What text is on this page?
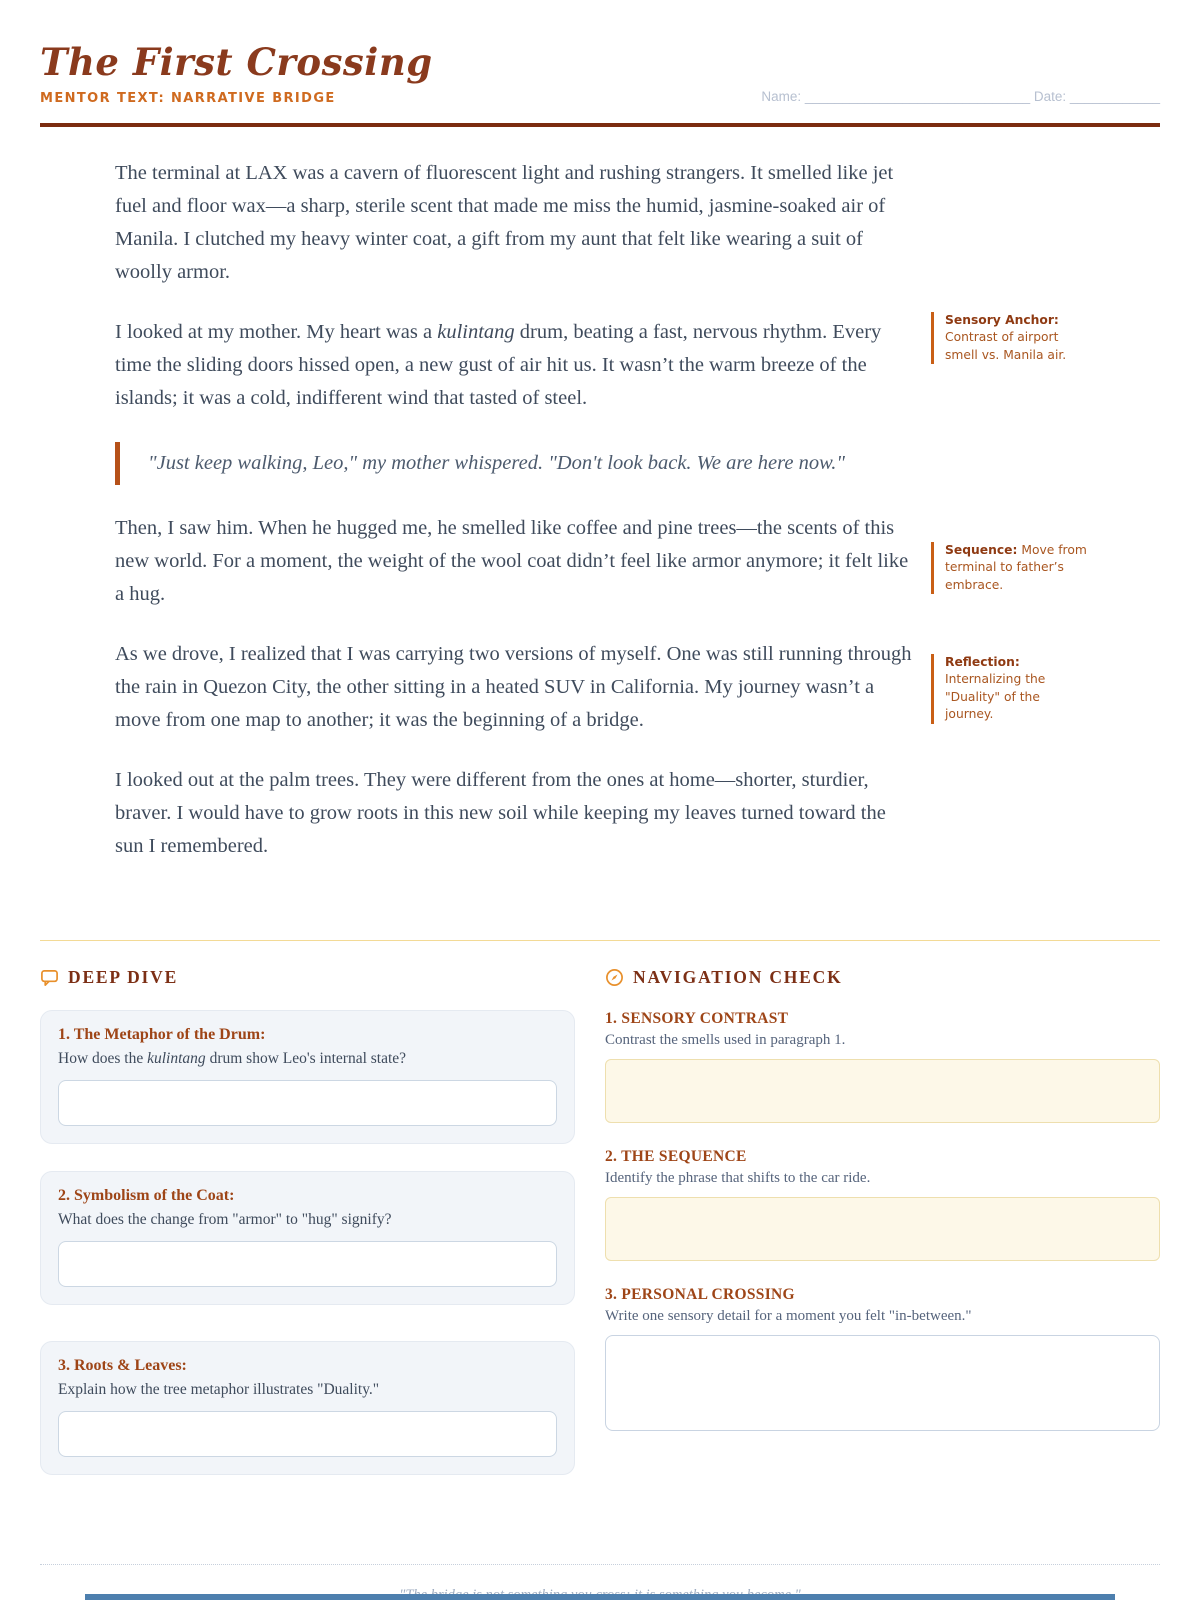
The First Crossing
MENTOR TEXT: NARRATIVE BRIDGE	Name: ______________________________ Date: ____________

The terminal at LAX was a cavern of fluorescent light and rushing strangers. It smelled like jet fuel and floor wax—a sharp, sterile scent that made me miss the humid, jasmine-soaked air of Manila. I clutched my heavy winter coat, a gift from my aunt that felt like wearing a suit of woolly armor.

I looked at my mother. My heart was a kulintang drum, beating a fast, nervous rhythm. Every time the sliding doors hissed open, a new gust of air hit us. It wasn’t the warm breeze of the islands; it was a cold, indifferent wind that tasted of steel.

"Just keep walking, Leo," my mother whispered. "Don't look back. We are here now."

Then, I saw him. When he hugged me, he smelled like coffee and pine trees—the scents of this new world. For a moment, the weight of the wool coat didn’t feel like armor anymore; it felt like a hug.

As we drove, I realized that I was carrying two versions of myself. One was still running through the rain in Quezon City, the other sitting in a heated SUV in California. My journey wasn’t a move from one map to another; it was the beginning of a bridge.

I looked out at the palm trees. They were different from the ones at home—shorter, sturdier, braver. I would have to grow roots in this new soil while keeping my leaves turned toward the sun I remembered.

Sensory Anchor: Contrast of airport smell vs. Manila air.
Sequence: Move from terminal to father’s embrace.
Reflection: Internalizing the "Duality" of the journey.
DEEP DIVE
1. The Metaphor of the Drum:
How does the kulintang drum show Leo's internal state?
2. Symbolism of the Coat:
What does the change from "armor" to "hug" signify?
3. Roots & Leaves:
Explain how the tree metaphor illustrates "Duality."
NAVIGATION CHECK
1. SENSORY CONTRAST
Contrast the smells used in paragraph 1.
2. THE SEQUENCE
Identify the phrase that shifts to the car ride.
3. PERSONAL CROSSING
Write one sensory detail for a moment you felt "in-between."
